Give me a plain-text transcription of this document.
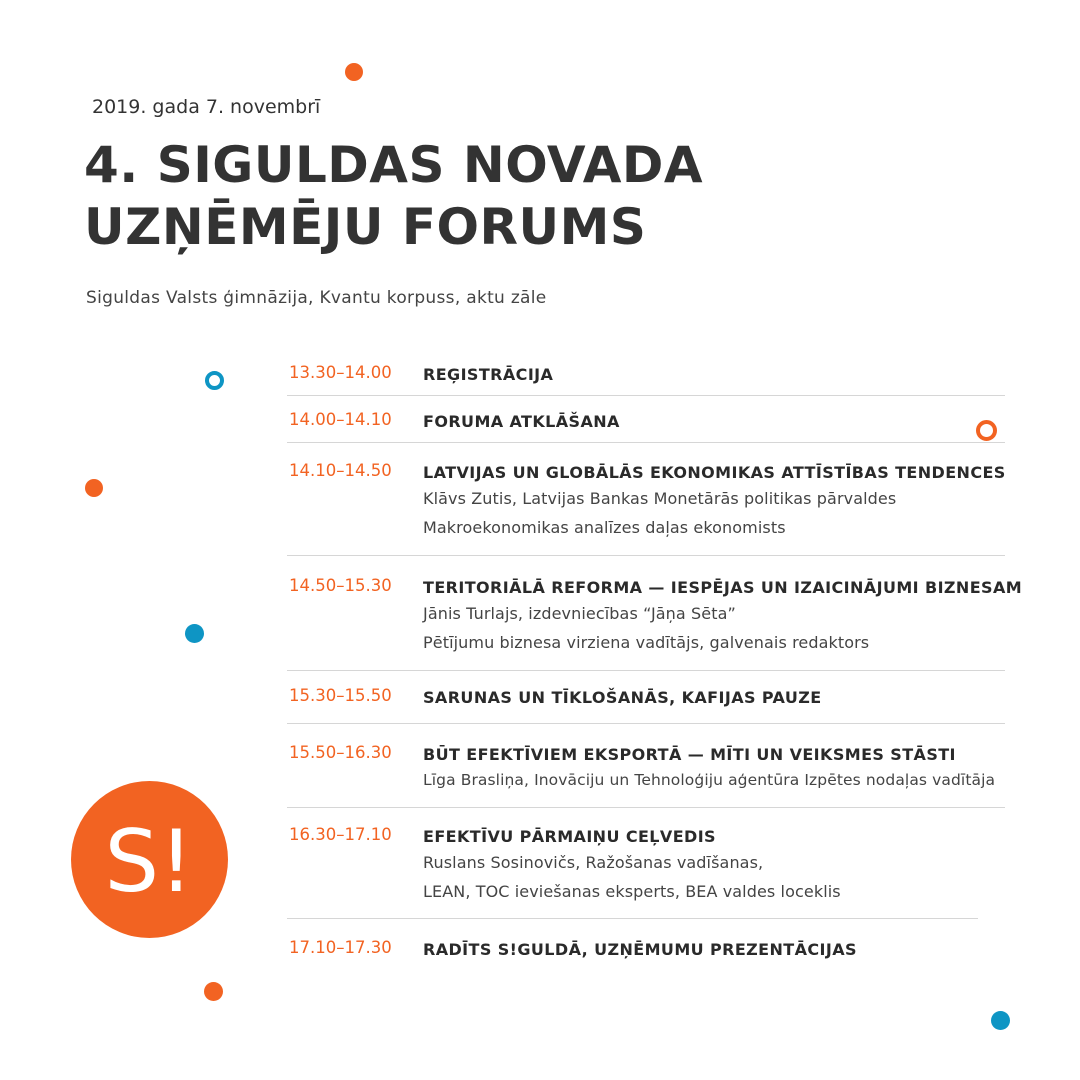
2019. gada 7. novembrī
4. SIGULDAS NOVADA
UZŅĒMĒJU FORUMS
Siguldas Valsts ģimnāzija, Kvantu korpuss, aktu zāle
13.30–14.00 REĢISTRĀCIJA
14.00–14.10 FORUMA ATKLĀŠANA
14.10–14.50 LATVIJAS UN GLOBĀLĀS EKONOMIKAS ATTĪSTĪBAS TENDENCES
Klāvs Zutis, Latvijas Bankas Monetārās politikas pārvaldes
Makroekonomikas analīzes daļas ekonomists
14.50–15.30 TERITORIĀLĀ REFORMA — IESPĒJAS UN IZAICINĀJUMI BIZNESAM
Jānis Turlajs, izdevniecības “Jāņa Sēta”
Pētījumu biznesa virziena vadītājs, galvenais redaktors
15.30–15.50 SARUNAS UN TĪKLOŠANĀS, KAFIJAS PAUZE
15.50–16.30 BŪT EFEKTĪVIEM EKSPORTĀ — MĪTI UN VEIKSMES STĀSTI
Līga Brasliņa, Inovāciju un Tehnoloģiju aģentūra Izpētes nodaļas vadītāja
16.30–17.10 EFEKTĪVU PĀRMAIŅU CEĻVEDIS
Ruslans Sosinovičs, Ražošanas vadīšanas,
LEAN, TOC ieviešanas eksperts, BEA valdes loceklis
17.10–17.30 RADĪTS S!GULDĀ, UZŅĒMUMU PREZENTĀCIJAS
S!
